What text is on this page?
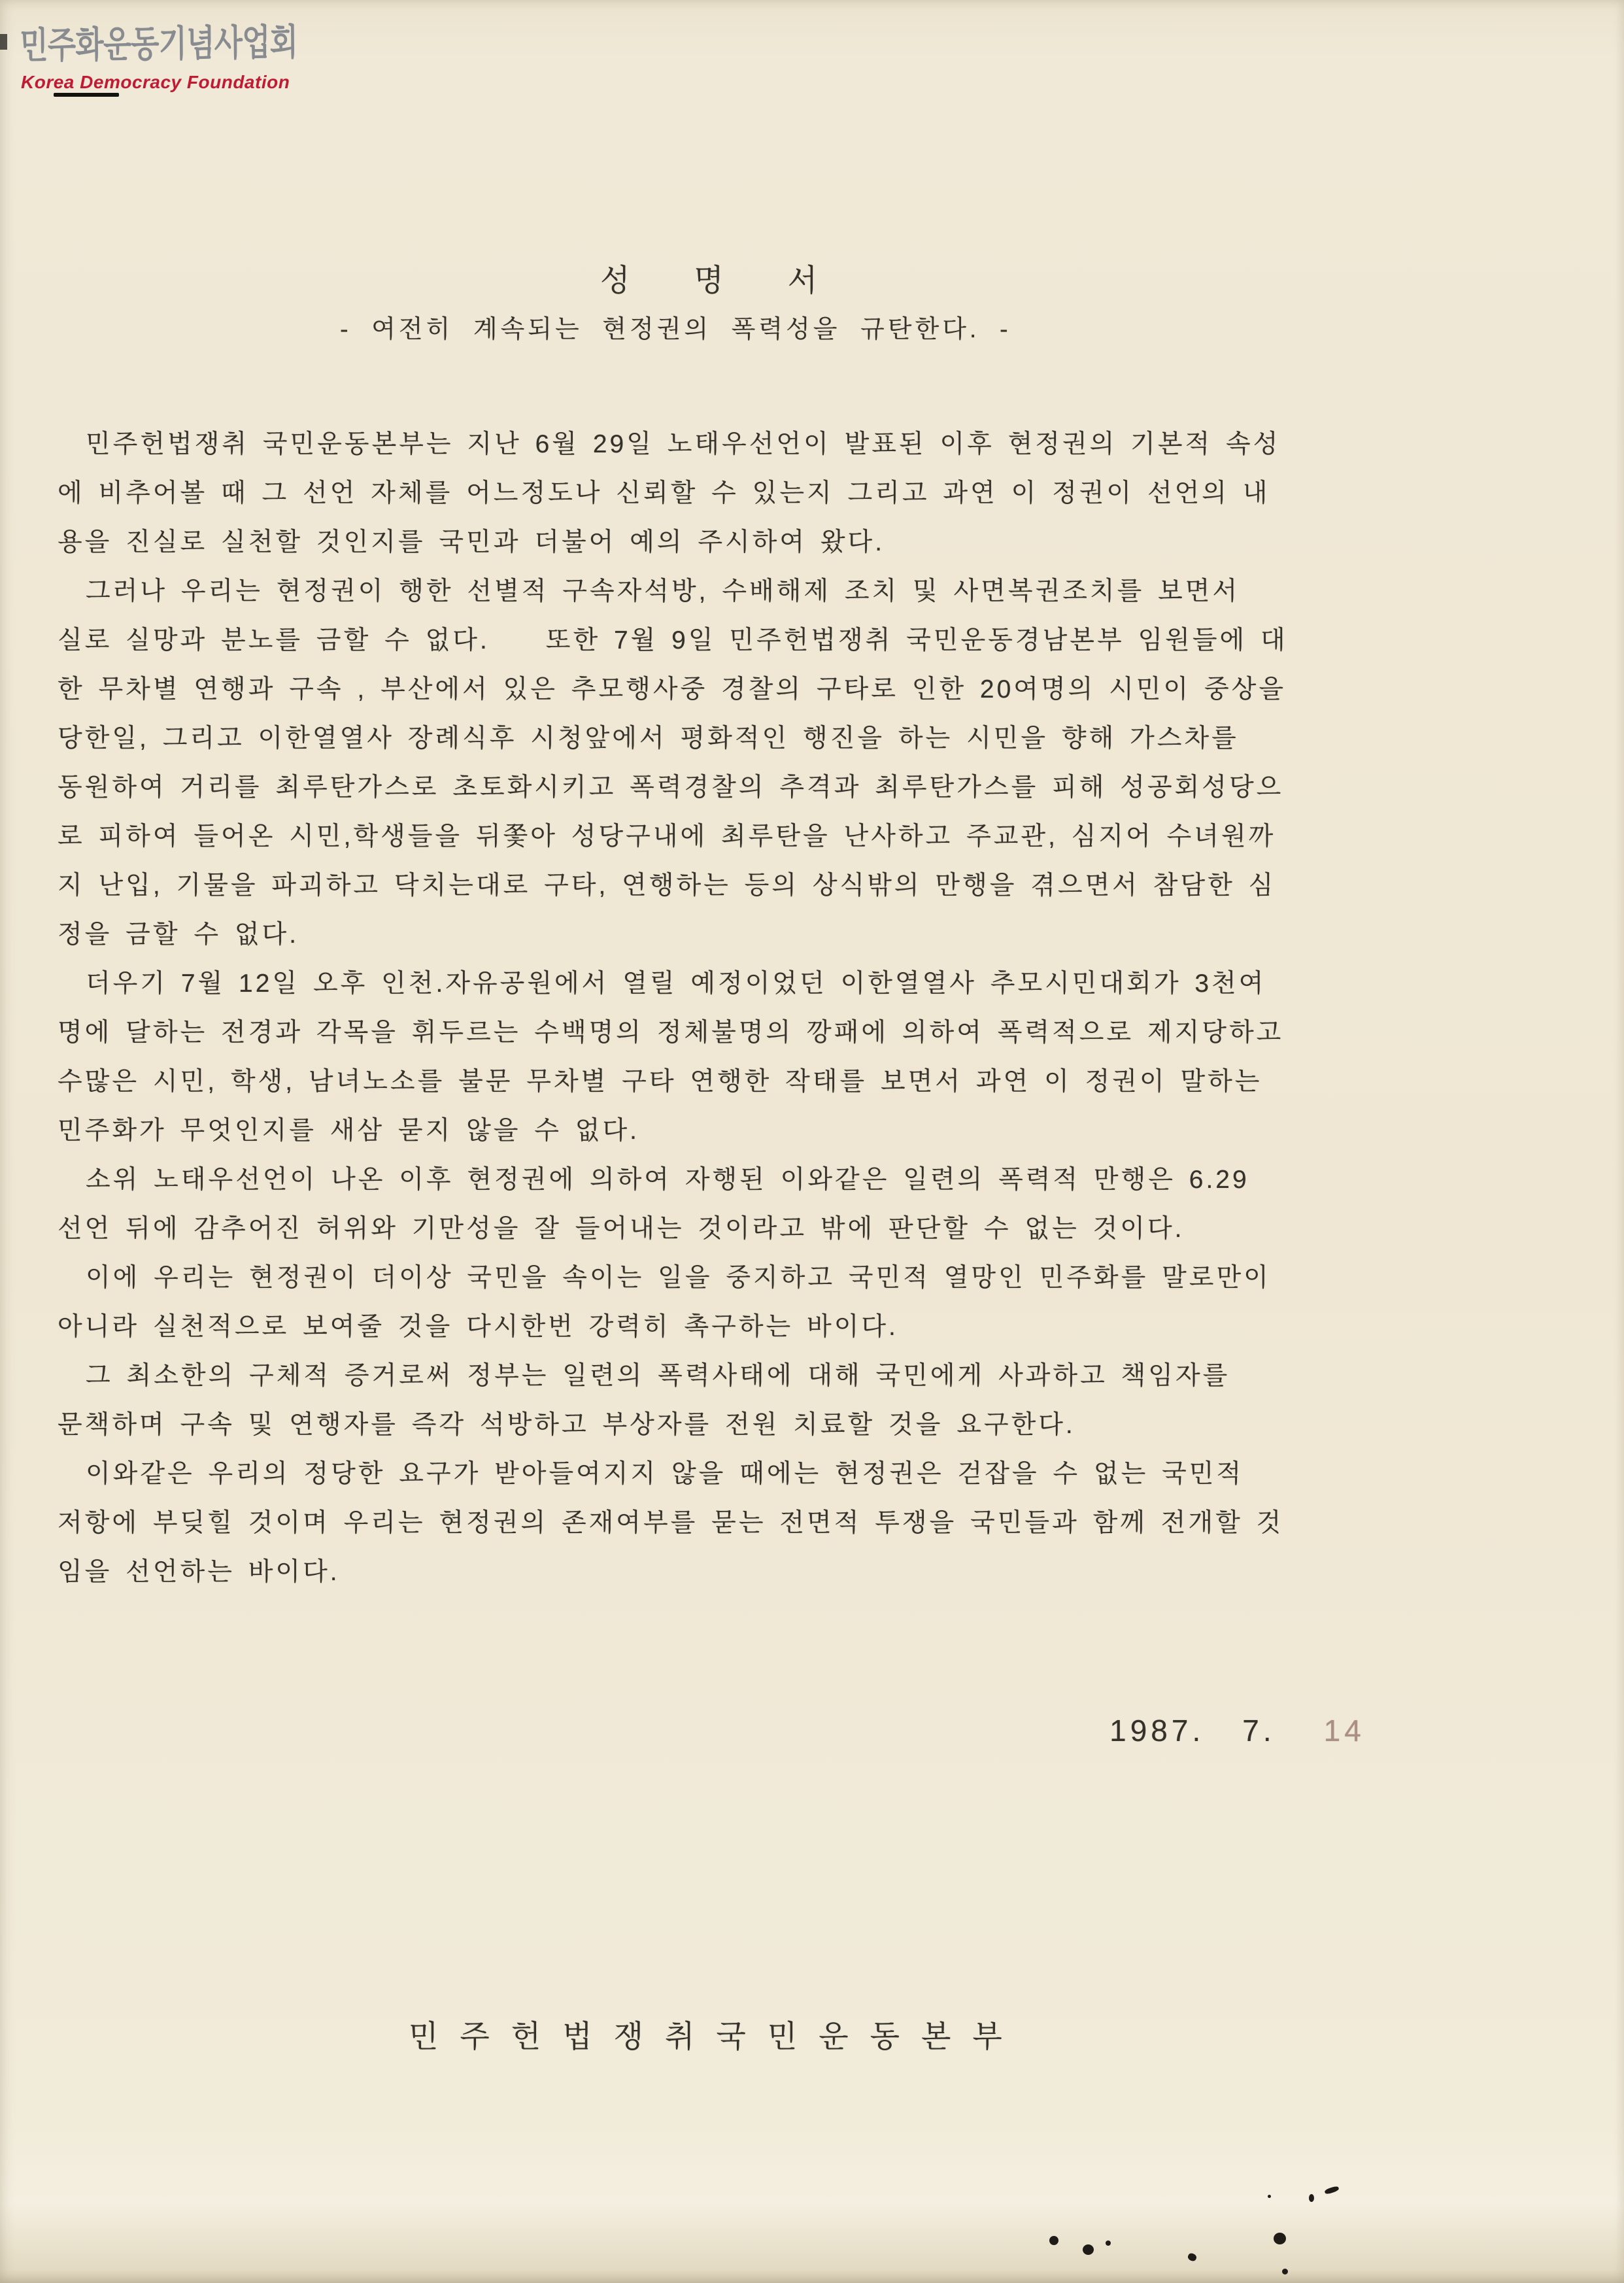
민주화운동기념사업회
Korea Democracy Foundation
성명서
- 여전히 계속되는 현정권의 폭력성을 규탄한다. -
　민주헌법쟁취 국민운동본부는 지난 6월 29일 노태우선언이 발표된 이후 현정권의 기본적 속성
에 비추어볼 때 그 선언 자체를 어느정도나 신뢰할 수 있는지 그리고 과연 이 정권이 선언의 내
용을 진실로 실천할 것인지를 국민과 더불어 예의 주시하여 왔다.
　그러나 우리는 현정권이 행한 선별적 구속자석방, 수배해제 조치 및 사면복권조치를 보면서
실로 실망과 분노를 금할 수 없다.　　또한 7월 9일 민주헌법쟁취 국민운동경남본부 임원들에 대
한 무차별 연행과 구속 , 부산에서 있은 추모행사중 경찰의 구타로 인한 20여명의 시민이 중상을
당한일, 그리고 이한열열사 장례식후 시청앞에서 평화적인 행진을 하는 시민을 향해 가스차를
동원하여 거리를 최루탄가스로 초토화시키고 폭력경찰의 추격과 최루탄가스를 피해 성공회성당으
로 피하여 들어온 시민,학생들을 뒤쫓아 성당구내에 최루탄을 난사하고 주교관, 심지어 수녀원까
지 난입, 기물을 파괴하고 닥치는대로 구타, 연행하는 등의 상식밖의 만행을 겪으면서 참담한 심
정을 금할 수 없다.
　더우기 7월 12일 오후 인천.자유공원에서 열릴 예정이었던 이한열열사 추모시민대회가 3천여
명에 달하는 전경과 각목을 휘두르는 수백명의 정체불명의 깡패에 의하여 폭력적으로 제지당하고
수많은 시민, 학생, 남녀노소를 불문 무차별 구타 연행한 작태를 보면서 과연 이 정권이 말하는
민주화가 무엇인지를 새삼 묻지 않을 수 없다.
　소위 노태우선언이 나온 이후 현정권에 의하여 자행된 이와같은 일련의 폭력적 만행은 6.29
선언 뒤에 감추어진 허위와 기만성을 잘 들어내는 것이라고 밖에 판단할 수 없는 것이다.
　이에 우리는 현정권이 더이상 국민을 속이는 일을 중지하고 국민적 열망인 민주화를 말로만이
아니라 실천적으로 보여줄 것을 다시한번 강력히 촉구하는 바이다.
　그 최소한의 구체적 증거로써 정부는 일련의 폭력사태에 대해 국민에게 사과하고 책임자를
문책하며 구속 및 연행자를 즉각 석방하고 부상자를 전원 치료할 것을 요구한다.
　이와같은 우리의 정당한 요구가 받아들여지지 않을 때에는 현정권은 걷잡을 수 없는 국민적
저항에 부딪힐 것이며 우리는 현정권의 존재여부를 묻는 전면적 투쟁을 국민들과 함께 전개할 것
임을 선언하는 바이다.

1987. 7. 14

민주헌법쟁취국민운동본부
